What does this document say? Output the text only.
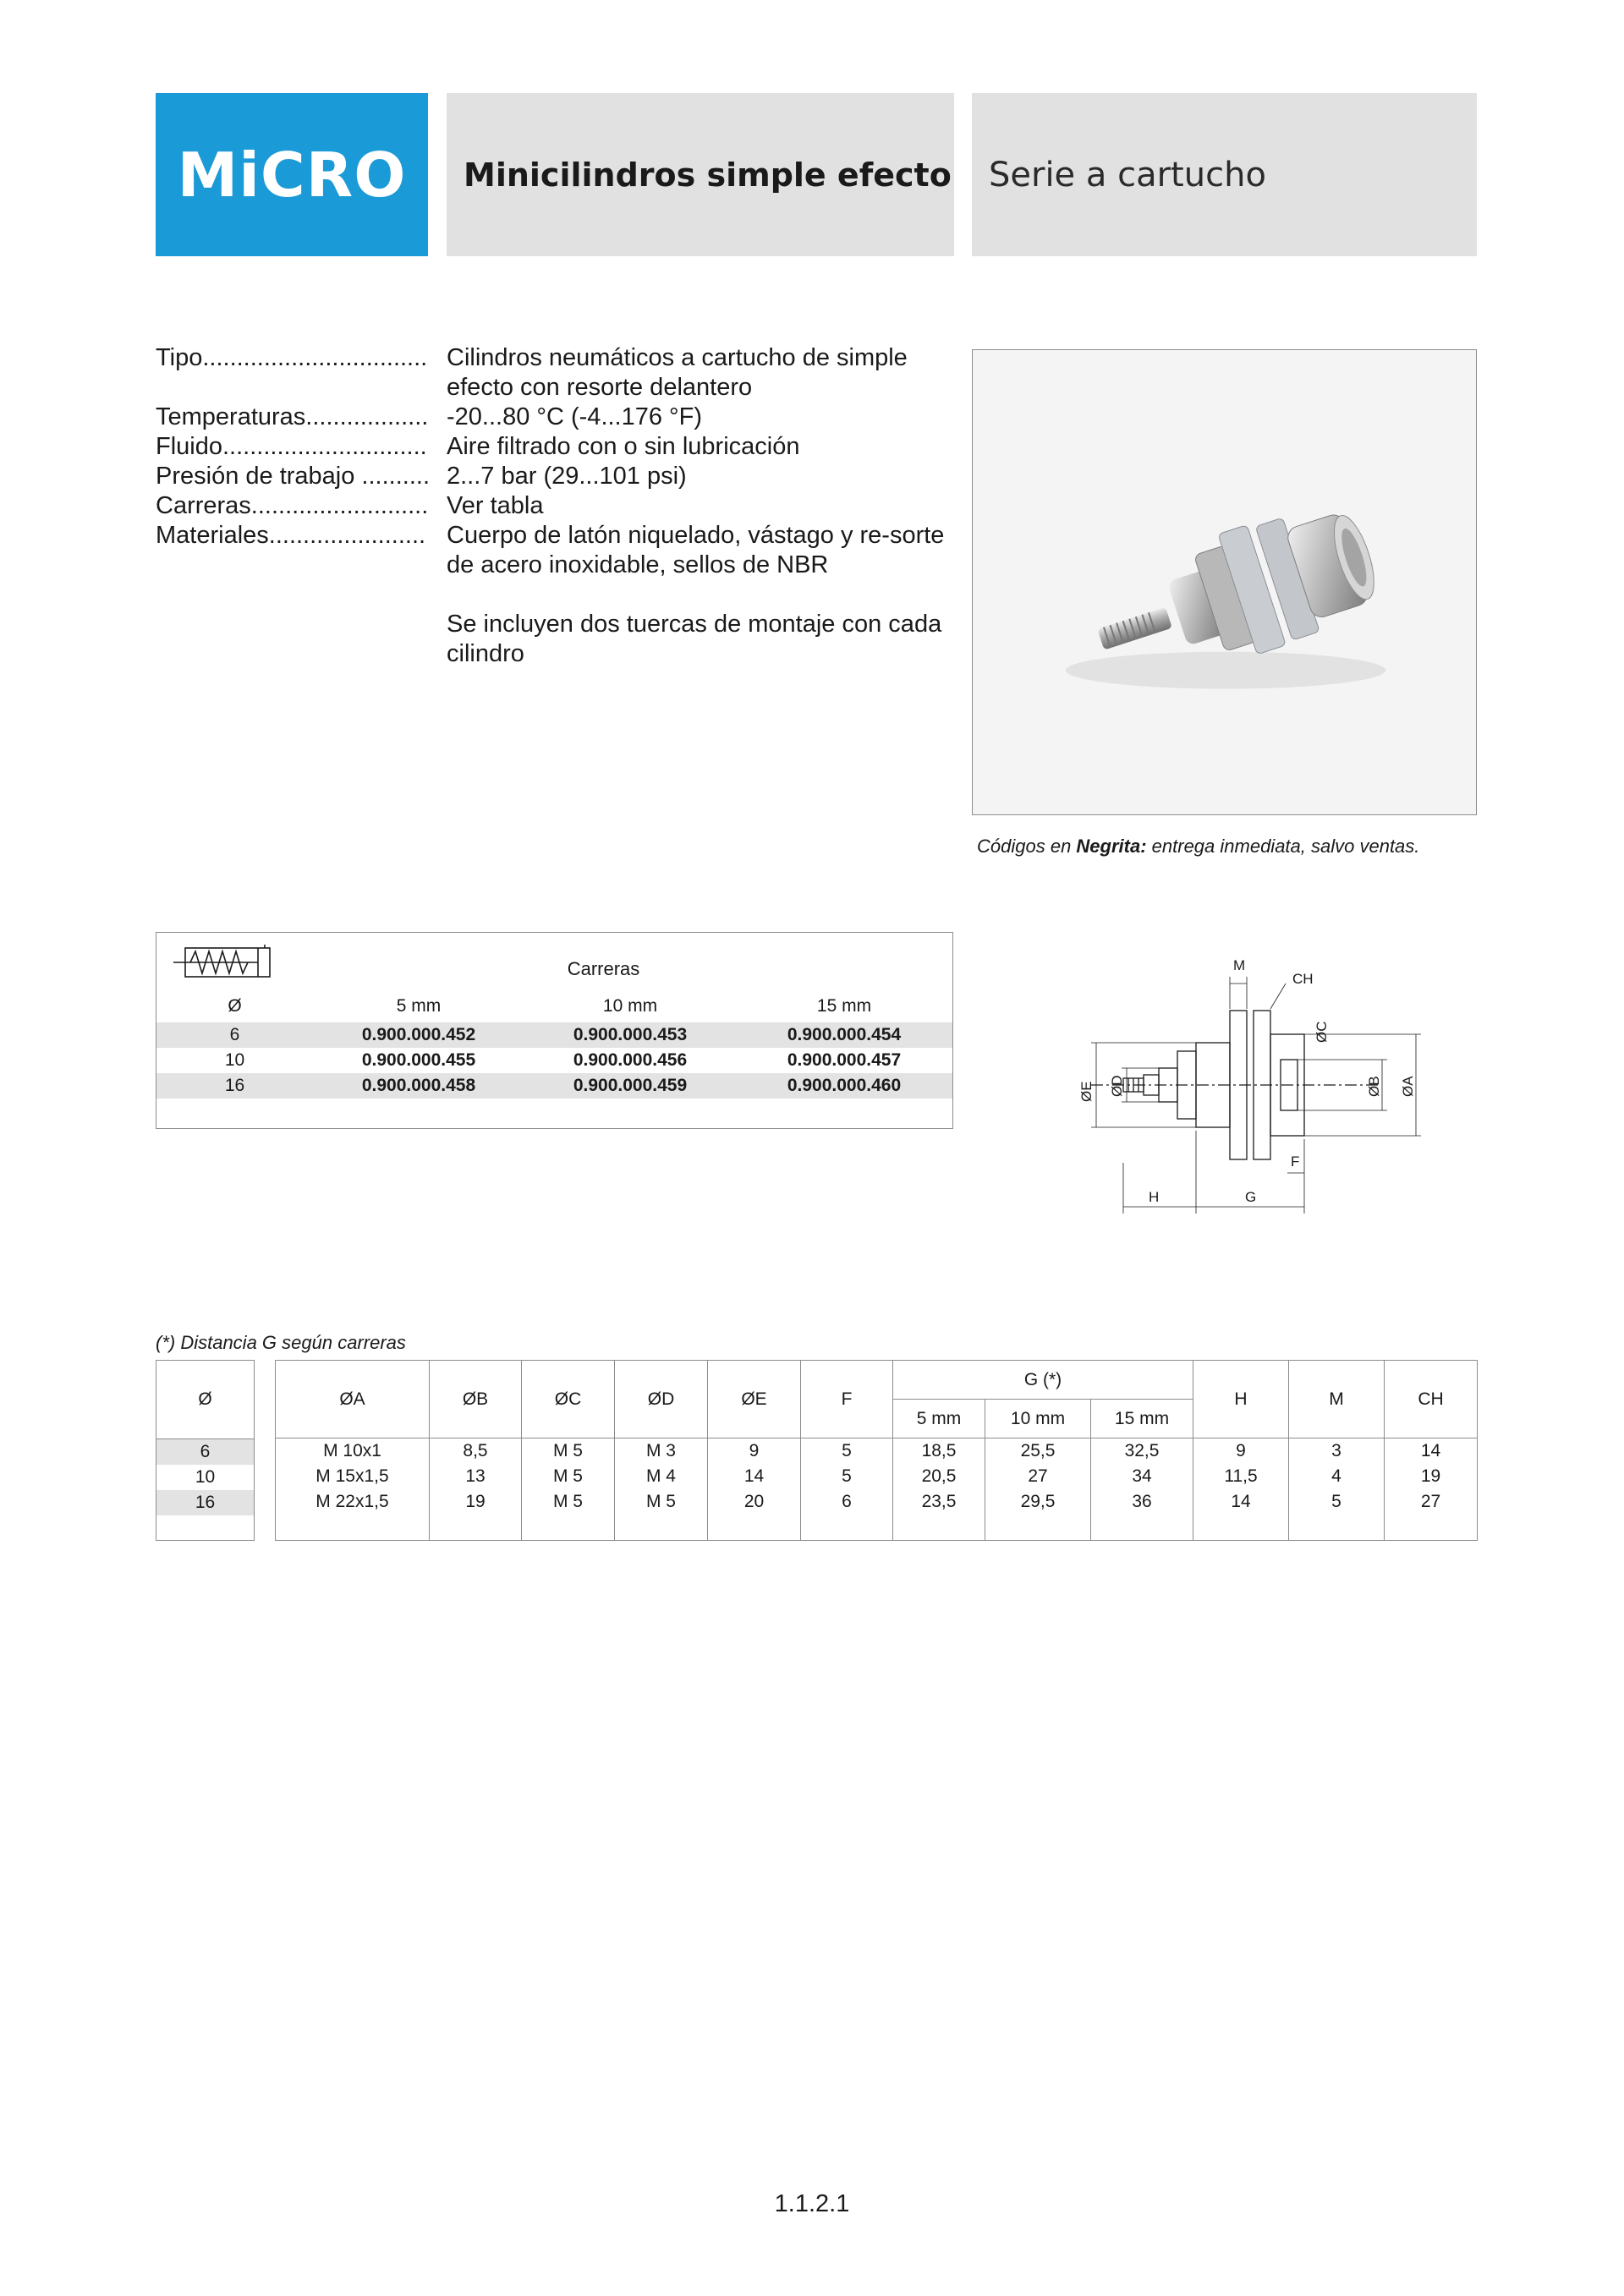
MiCRO	Minicilindros simple efecto	Serie a cartucho
Tipo................................. Cilindros neumáticos a cartucho de simple efecto con resorte delantero
Temperaturas.................. -20...80 °C (-4...176 °F)
Fluido.............................. Aire filtrado con o sin lubricación
Presión de trabajo .......... 2...7 bar (29...101 psi)
Carreras.......................... Ver tabla
Materiales....................... Cuerpo de latón niquelado, vástago y re-sorte de acero inoxidable, sellos de NBR
Se incluyen dos tuercas de montaje con cada cilindro
Códigos en Negrita: entrega inmediata, salvo ventas.
Carreras
Ø	5 mm	10 mm	15 mm
6	0.900.000.452	0.900.000.453	0.900.000.454
10	0.900.000.455	0.900.000.456	0.900.000.457
16	0.900.000.458	0.900.000.459	0.900.000.460
M
CH
ØC
ØE ØD	ØB ØA
F
H	G
(*) Distancia G según carreras
Ø
6
10
16
ØA	ØB	ØC	ØD	ØE	F	G (*)			H	M	CH
						5 mm	10 mm	15 mm			
M 10x1	8,5	M 5	M 3	9	5	18,5	25,5	32,5	9	3	14
M 15x1,5	13	M 5	M 4	14	5	20,5	27	34	11,5	4	19
M 22x1,5	19	M 5	M 5	20	6	23,5	29,5	36	14	5	27

1.1.2.1
